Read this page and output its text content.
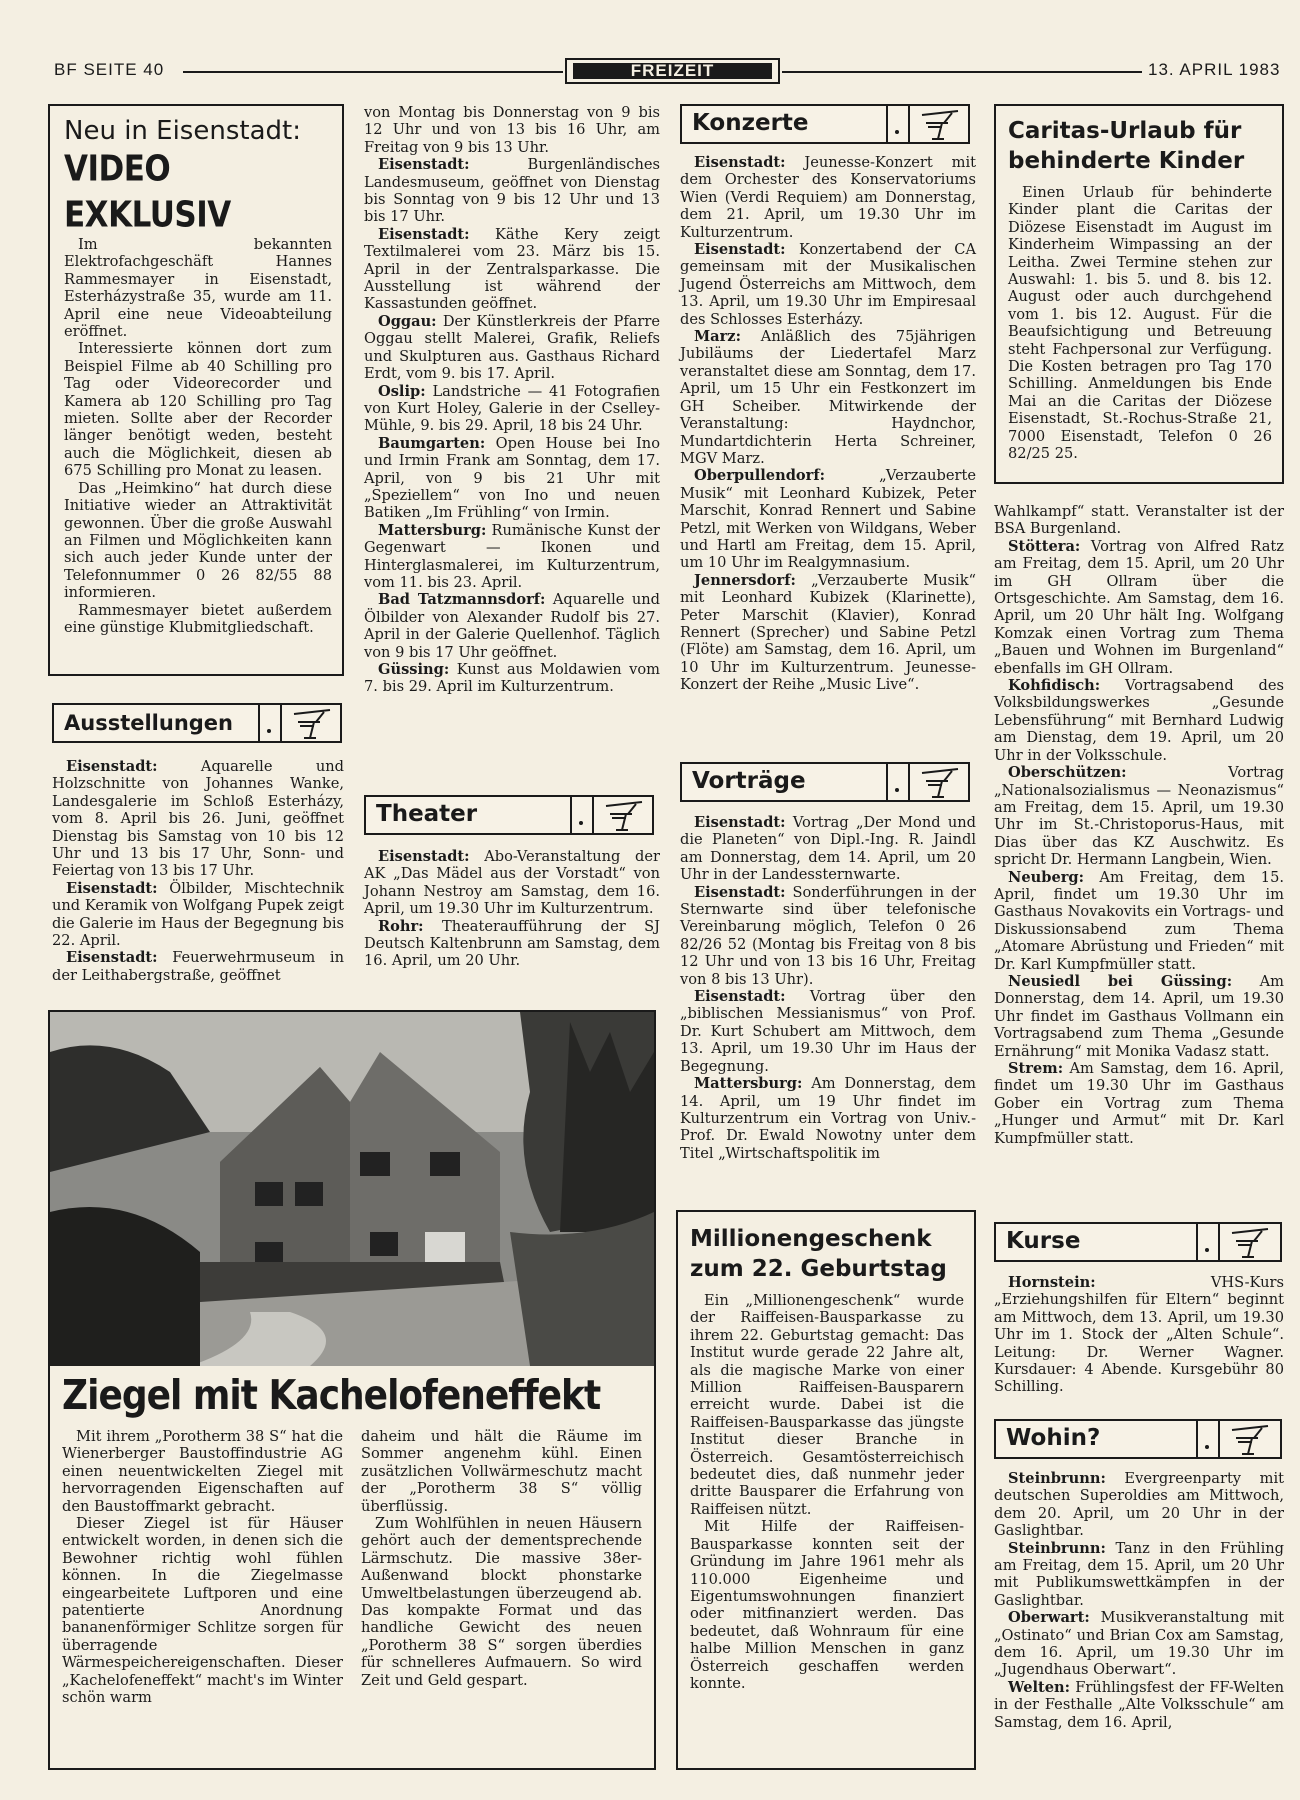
BF SEITE 40	FREIZEIT	13. APRIL 1983
Neu in Eisenstadt:
VIDEO EXKLUSIV

Im bekannten Elektrofachgeschäft Hannes Rammesmayer in Eisenstadt, Esterházystraße 35, wurde am 11. April eine neue Videoabteilung eröffnet.

Interessierte können dort zum Beispiel Filme ab 40 Schilling pro Tag oder Videorecorder und Kamera ab 120 Schilling pro Tag mieten. Sollte aber der Recorder länger benötigt weden, besteht auch die Möglichkeit, diesen ab 675 Schilling pro Monat zu leasen.

Das „Heimkino“ hat durch diese Initiative wieder an Attraktivität gewonnen. Über die große Auswahl an Filmen und Möglichkeiten kann sich auch jeder Kunde unter der Telefonnummer 0 26 82/55 88 informieren.

Rammesmayer bietet außerdem eine günstige Klubmitgliedschaft.

Ausstellungen

Eisenstadt:	Aquarelle und Holzschnitte von Johannes Wanke, Landesgalerie im Schloß Esterházy, vom 8. April bis 26. Juni, geöffnet Dienstag bis Samstag von 10 bis 12 Uhr und 13 bis 17 Uhr, Sonn- und Feiertag von 13 bis 17 Uhr.

Eisenstadt: Ölbilder, Mischtechnik und Keramik von Wolfgang Pupek zeigt die Galerie im Haus der Begegnung bis 22. April.

Eisenstadt: Feuerwehrmuseum in der Leithabergstraße, geöffnet

von Montag bis Donnerstag von 9 bis 12 Uhr und von 13 bis 16 Uhr, am Freitag von 9 bis 13 Uhr.

Eisenstadt:	Burgenländisches Landesmuseum, geöffnet von Dienstag bis Sonntag von 9 bis 12 Uhr und 13 bis 17 Uhr.

Eisenstadt: Käthe Kery zeigt Textilmalerei vom 23. März bis 15. April in der Zentralsparkasse. Die Ausstellung ist während der Kassastunden geöffnet.

Oggau: Der Künstlerkreis der Pfarre Oggau stellt Malerei, Grafik, Reliefs und Skulpturen aus. Gasthaus Richard Erdt, vom 9. bis 17. April.

Oslip: Landstriche — 41 Fotografien von Kurt Holey, Galerie in der Cselley-Mühle, 9. bis 29. April, 18 bis 24 Uhr.

Baumgarten: Open House bei Ino und Irmin Frank am Sonntag, dem 17. April, von 9 bis 21 Uhr mit „Speziellem“ von Ino und neuen Batiken „Im Frühling“ von Irmin.

Mattersburg: Rumänische Kunst der Gegenwart — Ikonen und Hinterglasmalerei, im Kulturzentrum, vom 11. bis 23. April.

Bad Tatzmannsdorf: Aquarelle und Ölbilder von Alexander Rudolf bis 27. April in der Galerie Quellenhof. Täglich von 9 bis 17 Uhr geöffnet.

Güssing: Kunst aus Moldawien vom 7. bis 29. April im Kulturzentrum.

Theater

Eisenstadt: Abo-Veranstaltung der AK „Das Mädel aus der Vorstadt“ von Johann Nestroy am Samstag, dem 16. April, um 19.30 Uhr im Kulturzentrum.

Rohr: Theateraufführung der SJ Deutsch Kaltenbrunn am Samstag, dem 16. April, um 20 Uhr.

Konzerte

Eisenstadt: Jeunesse-Konzert mit dem Orchester des Konservatoriums Wien (Verdi Requiem) am Donnerstag, dem 21. April, um 19.30 Uhr im Kulturzentrum.

Eisenstadt: Konzertabend der CA gemeinsam mit der Musikalischen Jugend Österreichs am Mittwoch, dem 13. April, um 19.30 Uhr im Empiresaal des Schlosses Esterházy.

Marz: Anläßlich des 75jährigen Jubiläums der Liedertafel Marz veranstaltet diese am Sonntag, dem 17. April, um 15 Uhr ein Festkonzert im GH Scheiber. Mitwirkende der Veranstaltung: Haydnchor, Mundartdichterin Herta Schreiner, MGV Marz.

Oberpullendorf:	„Verzauberte Musik“ mit Leonhard Kubizek, Peter Marschit, Konrad Rennert und Sabine Petzl, mit Werken von Wildgans, Weber und Hartl am Freitag, dem 15. April, um 10 Uhr im Realgymnasium.

Jennersdorf: „Verzauberte Musik“ mit Leonhard Kubizek (Klarinette), Peter Marschit (Klavier), Konrad Rennert (Sprecher) und Sabine Petzl (Flöte) am Samstag, dem 16. April, um 10 Uhr im Kulturzentrum. Jeunesse-Konzert der Reihe „Music Live“.

Vorträge

Eisenstadt: Vortrag „Der Mond und die Planeten“ von Dipl.-Ing. R. Jaindl am Donnerstag, dem 14. April, um 20 Uhr in der Landessternwarte.

Eisenstadt: Sonderführungen in der Sternwarte sind über telefonische Vereinbarung möglich, Telefon 0 26 82/26 52 (Montag bis Freitag von 8 bis 12 Uhr und von 13 bis 16 Uhr, Freitag von 8 bis 13 Uhr).

Eisenstadt: Vortrag über den „biblischen Messianismus“ von Prof. Dr. Kurt Schubert am Mittwoch, dem 13. April, um 19.30 Uhr im Haus der Begegnung.

Mattersburg: Am Donnerstag, dem 14. April, um 19 Uhr findet im Kulturzentrum ein Vortrag von Univ.-Prof. Dr. Ewald Nowotny unter dem Titel „Wirtschaftspolitik im

Millionengeschenk zum 22. Geburtstag

Ein „Millionengeschenk“ wurde der Raiffeisen-Bausparkasse zu ihrem 22. Geburtstag gemacht: Das Institut wurde gerade 22 Jahre alt, als die magische Marke von einer Million Raiffeisen-Bausparern erreicht wurde. Dabei ist die Raiffeisen-Bausparkasse das jüngste Institut dieser Branche in Österreich. Gesamtösterreichisch bedeutet dies, daß nunmehr jeder dritte Bausparer die Erfahrung von Raiffeisen nützt.

Mit Hilfe der Raiffeisen-Bausparkasse konnten seit der Gründung im Jahre 1961 mehr als 110.000 Eigenheime und Eigentumswohnungen finanziert oder mitfinanziert werden. Das bedeutet, daß Wohnraum für eine halbe Million Menschen in ganz Österreich geschaffen werden konnte.

Caritas-Urlaub für behinderte Kinder

Einen Urlaub für behinderte Kinder plant die Caritas der Diözese Eisenstadt im August im Kinderheim Wimpassing an der Leitha. Zwei Termine stehen zur Auswahl: 1. bis 5. und 8. bis 12. August oder auch durchgehend vom 1. bis 12. August. Für die Beaufsichtigung und Betreuung steht Fachpersonal zur Verfügung. Die Kosten betragen pro Tag 170 Schilling. Anmeldungen bis Ende Mai an die Caritas der Diözese Eisenstadt, St.-Rochus-Straße 21, 7000 Eisenstadt, Telefon 0 26 82/25 25.

Wahlkampf“ statt. Veranstalter ist der BSA Burgenland.

Stöttera: Vortrag von Alfred Ratz am Freitag, dem 15. April, um 20 Uhr im GH Ollram über die Ortsgeschichte. Am Samstag, dem 16. April, um 20 Uhr hält Ing. Wolfgang Komzak einen Vortrag zum Thema „Bauen und Wohnen im Burgenland“ ebenfalls im GH Ollram.

Kohfidisch: Vortragsabend des Volksbildungswerkes „Gesunde Lebensführung“ mit Bernhard Ludwig am Dienstag, dem 19. April, um 20 Uhr in der Volksschule.

Oberschützen:	Vortrag „Nationalsozialismus — Neonazismus“ am Freitag, dem 15. April, um 19.30 Uhr im St.-Christoporus-Haus, mit Dias über das KZ Auschwitz. Es spricht Dr. Hermann Langbein, Wien.

Neuberg: Am Freitag, dem 15. April, findet um 19.30 Uhr im Gasthaus Novakovits ein Vortrags- und Diskussionsabend zum Thema „Atomare Abrüstung und Frieden“ mit Dr. Karl Kumpfmüller statt.

Neusiedl bei Güssing: Am Donnerstag, dem 14. April, um 19.30 Uhr findet im Gasthaus Vollmann ein Vortragsabend zum Thema „Gesunde Ernährung“ mit Monika Vadasz statt.

Strem: Am Samstag, dem 16. April, findet um 19.30 Uhr im Gasthaus Gober ein Vortrag zum Thema „Hunger und Armut“ mit Dr. Karl Kumpfmüller statt.

Kurse

Hornstein:	VHS-Kurs „Erziehungshilfen für Eltern“ beginnt am Mittwoch, dem 13. April, um 19.30 Uhr im 1. Stock der „Alten Schule“. Leitung: Dr. Werner Wagner. Kursdauer: 4 Abende. Kursgebühr 80 Schilling.

Wohin?

Steinbrunn: Evergreenparty mit deutschen Superoldies am Mittwoch, dem 20. April, um 20 Uhr in der Gaslightbar.

Steinbrunn: Tanz in den Frühling am Freitag, dem 15. April, um 20 Uhr mit Publikumswettkämpfen in der Gaslightbar.

Oberwart: Musikveranstaltung mit „Ostinato“ und Brian Cox am Samstag, dem 16. April, um 19.30 Uhr im „Jugendhaus Oberwart“.

Welten: Frühlingsfest der FF-Welten in der Festhalle „Alte Volksschule“ am Samstag, dem 16. April,

Ziegel mit Kachelofeneffekt

Mit ihrem „Porotherm 38 S“ hat die Wienerberger Baustoffindustrie AG einen neuentwickelten Ziegel mit hervorragenden Eigenschaften auf den Baustoffmarkt gebracht.

Dieser Ziegel ist für Häuser entwickelt worden, in denen sich die Bewohner richtig wohl fühlen können. In die Ziegelmasse eingearbeitete Luftporen und eine patentierte Anordnung bananenförmiger Schlitze sorgen für überragende Wärmespeichereigenschaften. Dieser „Kachelofeneffekt“ macht's im Winter schön warm

daheim und hält die Räume im Sommer angenehm kühl. Einen zusätzlichen Vollwärmeschutz macht der „Porotherm 38 S“ völlig überflüssig.

Zum Wohlfühlen in neuen Häusern gehört auch der dementsprechende Lärmschutz. Die massive 38er-Außenwand blockt phonstarke Umweltbelastungen überzeugend ab. Das kompakte Format und das handliche Gewicht des neuen „Porotherm 38 S“ sorgen überdies für schnelleres Aufmauern. So wird Zeit und Geld gespart.
